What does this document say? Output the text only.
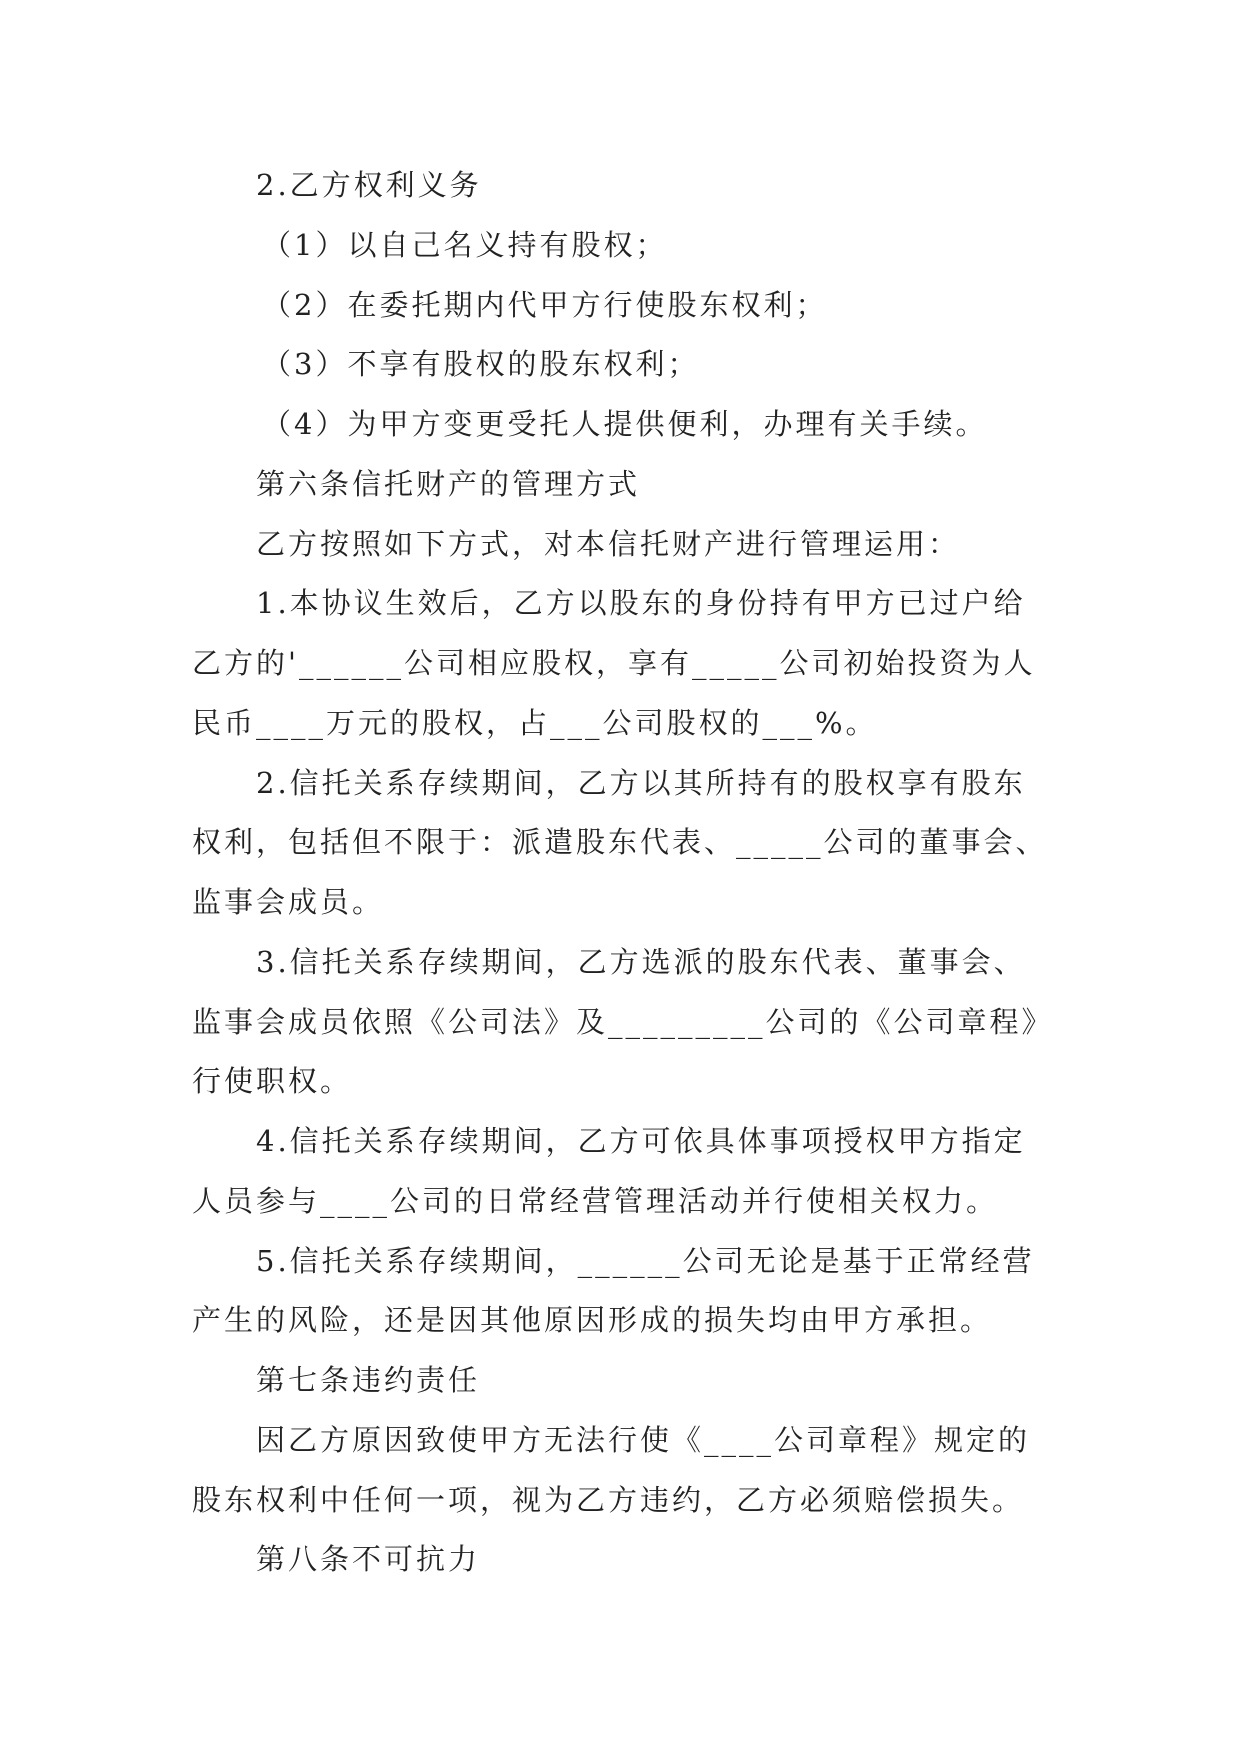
2.乙方权利义务
（1）以自己名义持有股权；
（2）在委托期内代甲方行使股东权利；
（3）不享有股权的股东权利；
（4）为甲方变更受托人提供便利，办理有关手续。
第六条信托财产的管理方式
乙方按照如下方式，对本信托财产进行管理运用：
1.本协议生效后，乙方以股东的身份持有甲方已过户给
乙方的'______公司相应股权，享有_____公司初始投资为人
民币____万元的股权，占___公司股权的___%。
2.信托关系存续期间，乙方以其所持有的股权享有股东
权利，包括但不限于：派遣股东代表、_____公司的董事会、
监事会成员。
3.信托关系存续期间，乙方选派的股东代表、董事会、
监事会成员依照《公司法》及_________公司的《公司章程》
行使职权。
4.信托关系存续期间，乙方可依具体事项授权甲方指定
人员参与____公司的日常经营管理活动并行使相关权力。
5.信托关系存续期间，______公司无论是基于正常经营
产生的风险，还是因其他原因形成的损失均由甲方承担。
第七条违约责任
因乙方原因致使甲方无法行使《____公司章程》规定的
股东权利中任何一项，视为乙方违约，乙方必须赔偿损失。
第八条不可抗力
